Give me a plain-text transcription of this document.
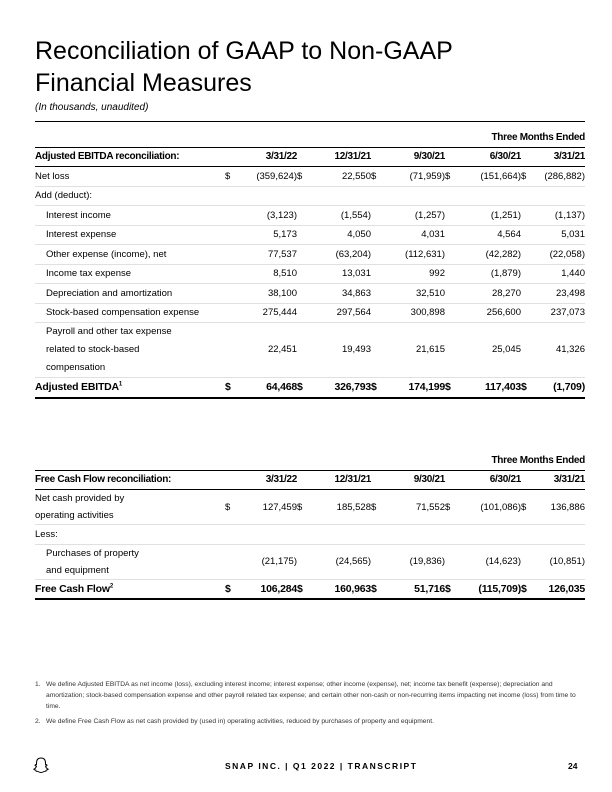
Reconciliation of GAAP to Non-GAAP
Financial Measures
(In thousands, unaudited)
Three Months Ended										
Adjusted EBITDA reconciliation:		3/31/22		12/31/21		9/30/21		6/30/21		3/31/21
Net loss	$	(359,624)	$	22,550	$	(71,959)	$	(151,664)	$	(286,882)
Add (deduct):										
Interest income		(3,123)		(1,554)		(1,257)		(1,251)		(1,137)
Interest expense		5,173		4,050		4,031		4,564		5,031
Other expense (income), net		77,537		(63,204)		(112,631)		(42,282)		(22,058)
Income tax expense		8,510		13,031		992		(1,879)		1,440
Depreciation and amortization		38,100		34,863		32,510		28,270		23,498
Stock-based compensation expense		275,444		297,564		300,898		256,600		237,073
Payroll and other tax expense
related to stock-based
compensation		22,451		19,493		21,615		25,045		41,326
Adjusted EBITDA$^1$	$	64,468	$	326,793	$	174,199	$	117,403	$	(1,709)
Three Months Ended										
Free Cash Flow reconciliation:		3/31/22		12/31/21		9/30/21		6/30/21		3/31/21
Net cash provided by
operating activities	$	127,459	$	185,528	$	71,552	$	(101,086)	$	136,886
Less:										
Purchases of property
and equipment		(21,175)		(24,565)		(19,836)		(14,623)		(10,851)
Free Cash Flow$^2$	$	106,284	$	160,963	$	51,716	$	(115,709)	$	126,035
1. We define Adjusted EBITDA as net income (loss), excluding interest income; interest expense; other income (expense), net; income tax benefit (expense); depreciation and amortization; stock-based compensation expense and other payroll related tax expense; and certain other non-cash or non-recurring items impacting net income (loss) from time to time.
2. We define Free Cash Flow as net cash provided by (used in) operating activities, reduced by purchases of property and equipment.
SNAP INC. | Q1 2022 | TRANSCRIPT	24
